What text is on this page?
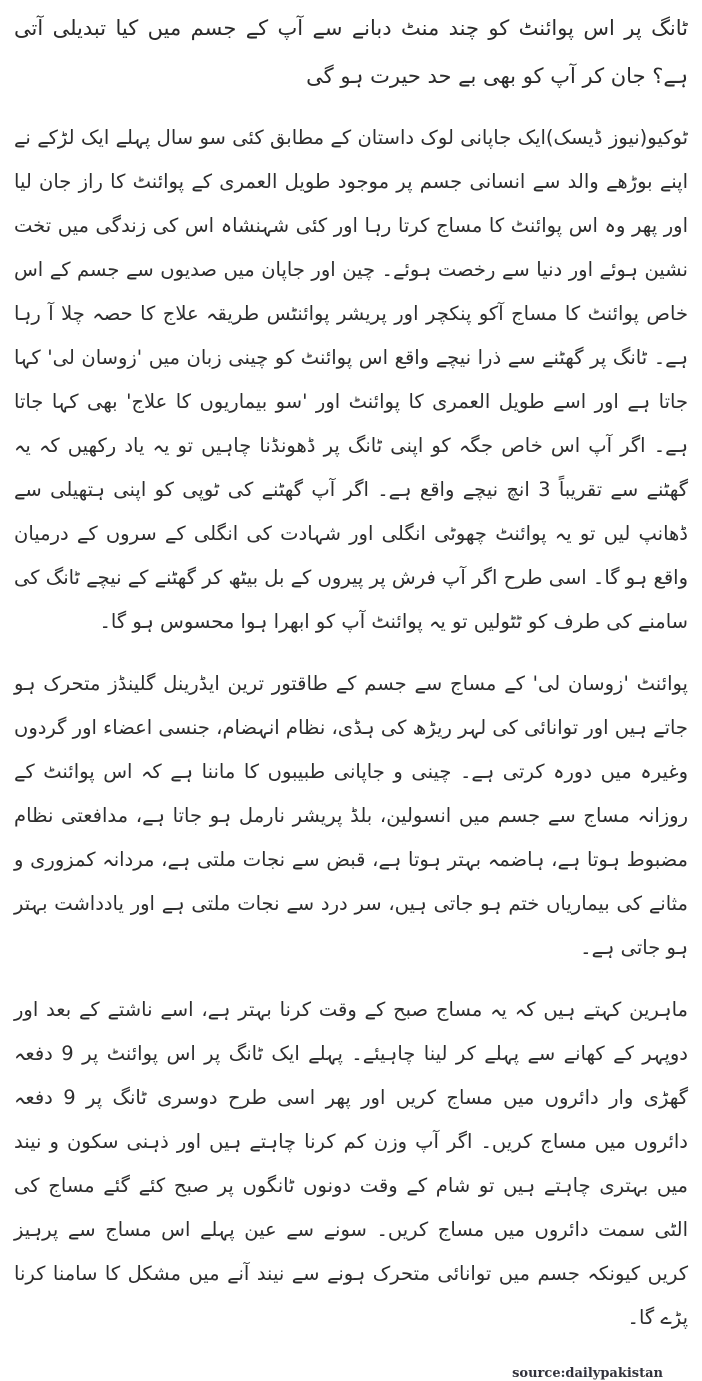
ٹانگ پر اس پوائنٹ کو چند منٹ دبانے سے آپ کے جسم میں کیا تبدیلی آتی ہے؟ جان کر آپ کو بھی بے حد حیرت ہو گی

ٹوکیو(نیوز ڈیسک)ایک جاپانی لوک داستان کے مطابق کئی سو سال پہلے ایک لڑکے نے اپنے بوڑھے والد سے انسانی جسم پر موجود طویل العمری کے پوائنٹ کا راز جان لیا اور پھر وہ اس پوائنٹ کا مساج کرتا رہا اور کئی شہنشاہ اس کی زندگی میں تخت نشین ہوئے اور دنیا سے رخصت ہوئے۔ چین اور جاپان میں صدیوں سے جسم کے اس خاص پوائنٹ کا مساج آکو پنکچر اور پریشر پوائنٹس طریقہ علاج کا حصہ چلا آ رہا ہے۔ ٹانگ پر گھٹنے سے ذرا نیچے واقع اس پوائنٹ کو چینی زبان میں 'زوسان لی' کہا جاتا ہے اور اسے طویل العمری کا پوائنٹ اور 'سو بیماریوں کا علاج' بھی کہا جاتا ہے۔ اگر آپ اس خاص جگہ کو اپنی ٹانگ پر ڈھونڈنا چاہیں تو یہ یاد رکھیں کہ یہ گھٹنے سے تقریباً 3 انچ نیچے واقع ہے۔ اگر آپ گھٹنے کی ٹوپی کو اپنی ہتھیلی سے ڈھانپ لیں تو یہ پوائنٹ چھوٹی انگلی اور شہادت کی انگلی کے سروں کے درمیان واقع ہو گا۔ اسی طرح اگر آپ فرش پر پیروں کے بل بیٹھ کر گھٹنے کے نیچے ٹانگ کی سامنے کی طرف کو ٹٹولیں تو یہ پوائنٹ آپ کو ابھرا ہوا محسوس ہو گا۔

پوائنٹ 'زوسان لی' کے مساج سے جسم کے طاقتور ترین ایڈرینل گلینڈز متحرک ہو جاتے ہیں اور توانائی کی لہر ریڑھ کی ہڈی، نظام انہضام، جنسی اعضاء اور گردوں وغیرہ میں دورہ کرتی ہے۔ چینی و جاپانی طبیبوں کا ماننا ہے کہ اس پوائنٹ کے روزانہ مساج سے جسم میں انسولین، بلڈ پریشر نارمل ہو جاتا ہے، مدافعتی نظام مضبوط ہوتا ہے، ہاضمہ بہتر ہوتا ہے، قبض سے نجات ملتی ہے، مردانہ کمزوری و مثانے کی بیماریاں ختم ہو جاتی ہیں، سر درد سے نجات ملتی ہے اور یادداشت بہتر ہو جاتی ہے۔

ماہرین کہتے ہیں کہ یہ مساج صبح کے وقت کرنا بہتر ہے، اسے ناشتے کے بعد اور دوپہر کے کھانے سے پہلے کر لینا چاہیئے۔ پہلے ایک ٹانگ پر اس پوائنٹ پر 9 دفعہ گھڑی وار دائروں میں مساج کریں اور پھر اسی طرح دوسری ٹانگ پر 9 دفعہ دائروں میں مساج کریں۔ اگر آپ وزن کم کرنا چاہتے ہیں اور ذہنی سکون و نیند میں بہتری چاہتے ہیں تو شام کے وقت دونوں ٹانگوں پر صبح کئے گئے مساج کی الٹی سمت دائروں میں مساج کریں۔ سونے سے عین پہلے اس مساج سے پرہیز کریں کیونکہ جسم میں توانائی متحرک ہونے سے نیند آنے میں مشکل کا سامنا کرنا پڑے گا۔

source:dailypakistan
